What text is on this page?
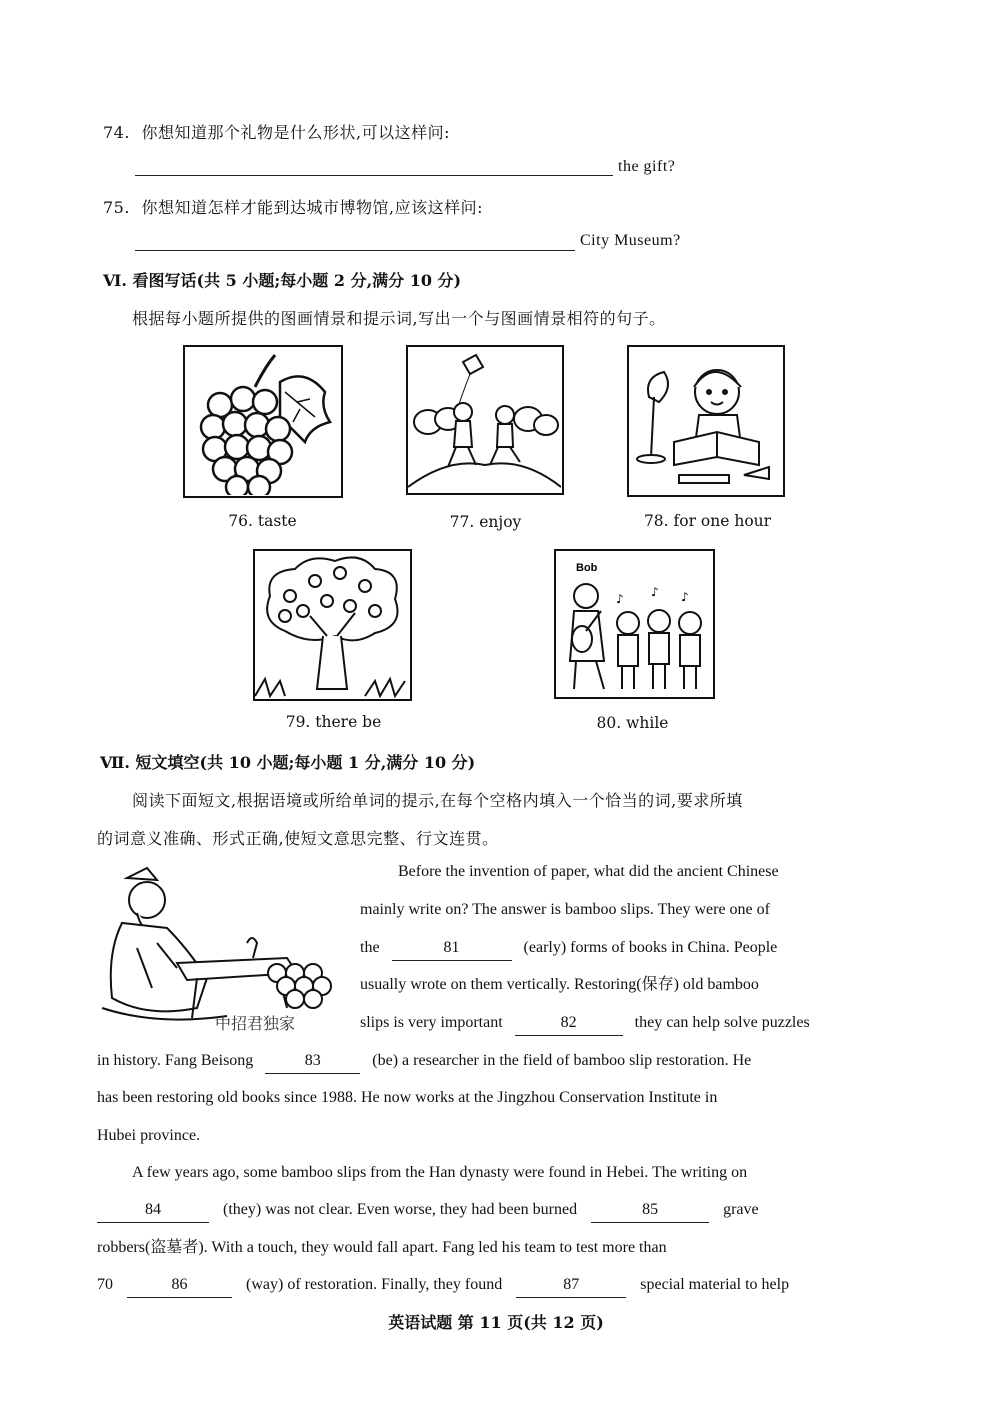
74. 你想知道那个礼物是什么形状,可以这样问:
the gift?
75. 你想知道怎样才能到达城市博物馆,应该这样问:
City Museum?
Ⅵ. 看图写话(共 5 小题;每小题 2 分,满分 10 分)
根据每小题所提供的图画情景和提示词,写出一个与图画情景相符的句子。
76. taste	77. enjoy	78. for one hour
Bob
♪ ♪ ♪
79. there be	80. while
Ⅶ. 短文填空(共 10 小题;每小题 1 分,满分 10 分)
阅读下面短文,根据语境或所给单词的提示,在每个空格内填入一个恰当的词,要求所填
的词意义准确、形式正确,使短文意思完整、行文连贯。
中招君独家
Before the invention of paper, what did the ancient Chinese
mainly write on? The answer is bamboo slips. They were one of
the	81	(early) forms of books in China. People
usually wrote on them vertically. Restoring(保存) old bamboo
slips is very important	82	they can help solve puzzles
in history. Fang Beisong	83	(be) a researcher in the field of bamboo slip restoration. He
has been restoring old books since 1988. He now works at the Jingzhou Conservation Institute in
Hubei province.
A few years ago, some bamboo slips from the Han dynasty were found in Hebei. The writing on
84	(they) was not clear. Even worse, they had been burned	85	grave
robbers(盗墓者). With a touch, they would fall apart. Fang led his team to test more than
70	86	(way) of restoration. Finally, they found	87	special material to help
英语试题 第 11 页(共 12 页)
